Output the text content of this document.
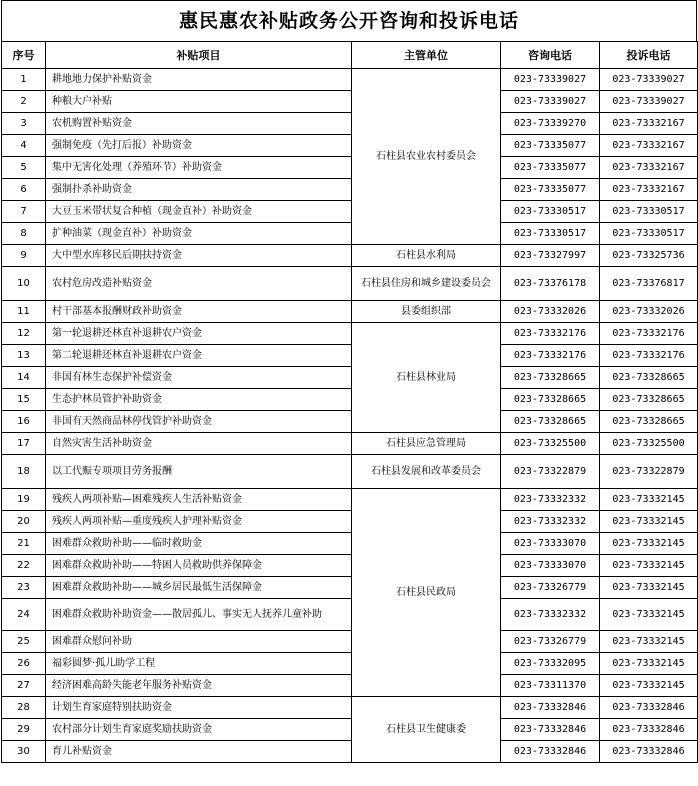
惠民惠农补贴政务公开咨询和投诉电话
序号	补贴项目	主管单位	咨询电话	投诉电话
1	耕地地力保护补贴资金	石柱县农业农村委员会	023-73339027	023-73339027
2	种粮大户补贴		023-73339027	023-73339027
3	农机购置补贴资金		023-73339270	023-73332167
4	强制免疫（先打后报）补助资金		023-73335077	023-73332167
5	集中无害化处理（养殖环节）补助资金		023-73335077	023-73332167
6	强制扑杀补助资金		023-73335077	023-73332167
7	大豆玉米带状复合种植（现金直补）补助资金		023-73330517	023-73330517
8	扩种油菜（现金直补）补助资金		023-73330517	023-73330517
9	大中型水库移民后期扶持资金	石柱县水利局	023-73327997	023-73325736
10	农村危房改造补贴资金	石柱县住房和城乡建设委员会	023-73376178	023-73376817
11	村干部基本报酬财政补助资金	县委组织部	023-73332026	023-73332026
12	第一轮退耕还林直补退耕农户资金	石柱县林业局	023-73332176	023-73332176
13	第二轮退耕还林直补退耕农户资金		023-73332176	023-73332176
14	非国有林生态保护补偿资金		023-73328665	023-73328665
15	生态护林员管护补助资金		023-73328665	023-73328665
16	非国有天然商品林停伐管护补助资金		023-73328665	023-73328665
17	自然灾害生活补助资金	石柱县应急管理局	023-73325500	023-73325500
18	以工代赈专项项目劳务报酬	石柱县发展和改革委员会	023-73322879	023-73322879
19	残疾人两项补贴—困难残疾人生活补贴资金	石柱县民政局	023-73332332	023-73332145
20	残疾人两项补贴—重度残疾人护理补贴资金		023-73332332	023-73332145
21	困难群众救助补助——临时救助金		023-73333070	023-73332145
22	困难群众救助补助——特困人员救助供养保障金		023-73333070	023-73332145
23	困难群众救助补助——城乡居民最低生活保障金		023-73326779	023-73332145
24	困难群众救助补助资金——散居孤儿、事实无人抚养儿童补助		023-73332332	023-73332145
25	困难群众慰问补助		023-73326779	023-73332145
26	福彩圆梦·孤儿助学工程		023-73332095	023-73332145
27	经济困难高龄失能老年服务补贴资金		023-73311370	023-73332145
28	计划生育家庭特别扶助资金	石柱县卫生健康委	023-73332846	023-73332846
29	农村部分计划生育家庭奖励扶助资金		023-73332846	023-73332846
30	育儿补贴资金		023-73332846	023-73332846
